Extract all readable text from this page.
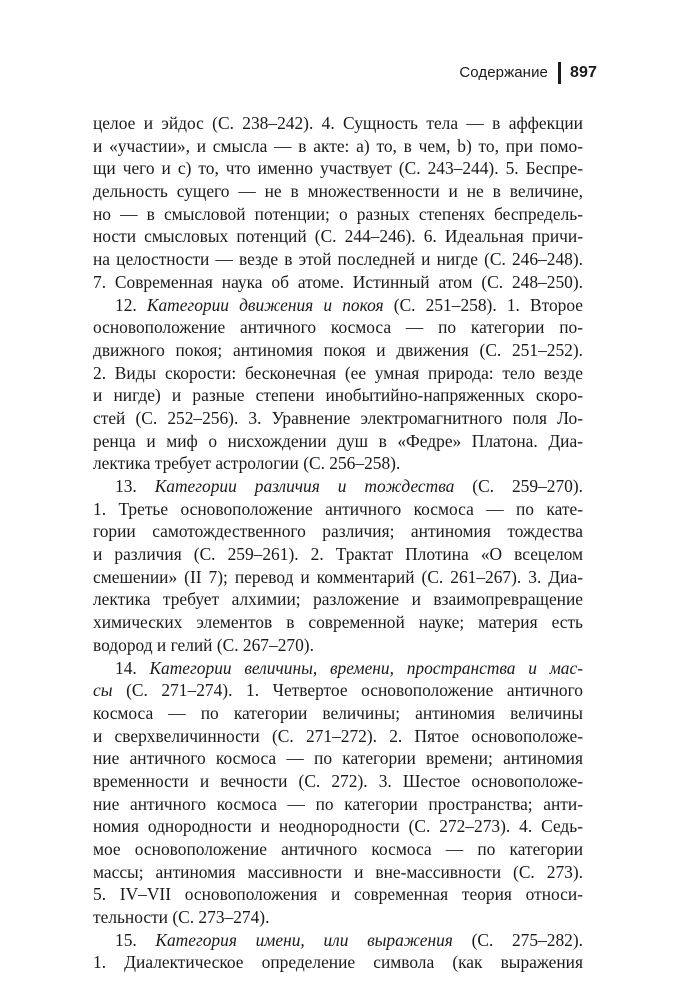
Содержание 897
целое и эйдос (С. 238–242). 4. Сущность тела — в аффекции
и «участии», и смысла — в акте: a) то, в чем, b) то, при помо-
щи чего и c) то, что именно участвует (С. 243–244). 5. Беспре-
дельность сущего — не в множественности и не в величине,
но — в смысловой потенции; о разных степенях беспредель-
ности смысловых потенций (С. 244–246). 6. Идеальная причи-
на целостности — везде в этой последней и нигде (С. 246–248).
7. Современная наука об атоме. Истинный атом (С. 248–250).
12. Категории движения и покоя (С. 251–258). 1. Второе
основоположение античного космоса — по категории по-
движного покоя; антиномия покоя и движения (С. 251–252).
2. Виды скорости: бесконечная (ее умная природа: тело везде
и нигде) и разные степени инобытийно-напряженных скоро-
стей (С. 252–256). 3. Уравнение электромагнитного поля Ло-
ренца и миф о нисхождении душ в «Федре» Платона. Диа-
лектика требует астрологии (С. 256–258).
13. Категории различия и тождества (С. 259–270).
1. Третье основоположение античного космоса — по кате-
гории самотождественного различия; антиномия тождества
и различия (С. 259–261). 2. Трактат Плотина «О всецелом
смешении» (II 7); перевод и комментарий (С. 261–267). 3. Диа-
лектика требует алхимии; разложение и взаимопревращение
химических элементов в современной науке; материя есть
водород и гелий (С. 267–270).
14. Категории величины, времени, пространства и мас-
сы (С. 271–274). 1. Четвертое основоположение античного
космоса — по категории величины; антиномия величины
и сверхвеличинности (С. 271–272). 2. Пятое основоположе-
ние античного космоса — по категории времени; антиномия
временности и вечности (С. 272). 3. Шестое основоположе-
ние античного космоса — по категории пространства; анти-
номия однородности и неоднородности (С. 272–273). 4. Седь-
мое основоположение античного космоса — по категории
массы; антиномия массивности и вне-массивности (С. 273).
5. IV–VII основоположения и современная теория относи-
тельности (С. 273–274).
15. Категория имени, или выражения (С. 275–282).
1. Диалектическое определение символа (как выражения
